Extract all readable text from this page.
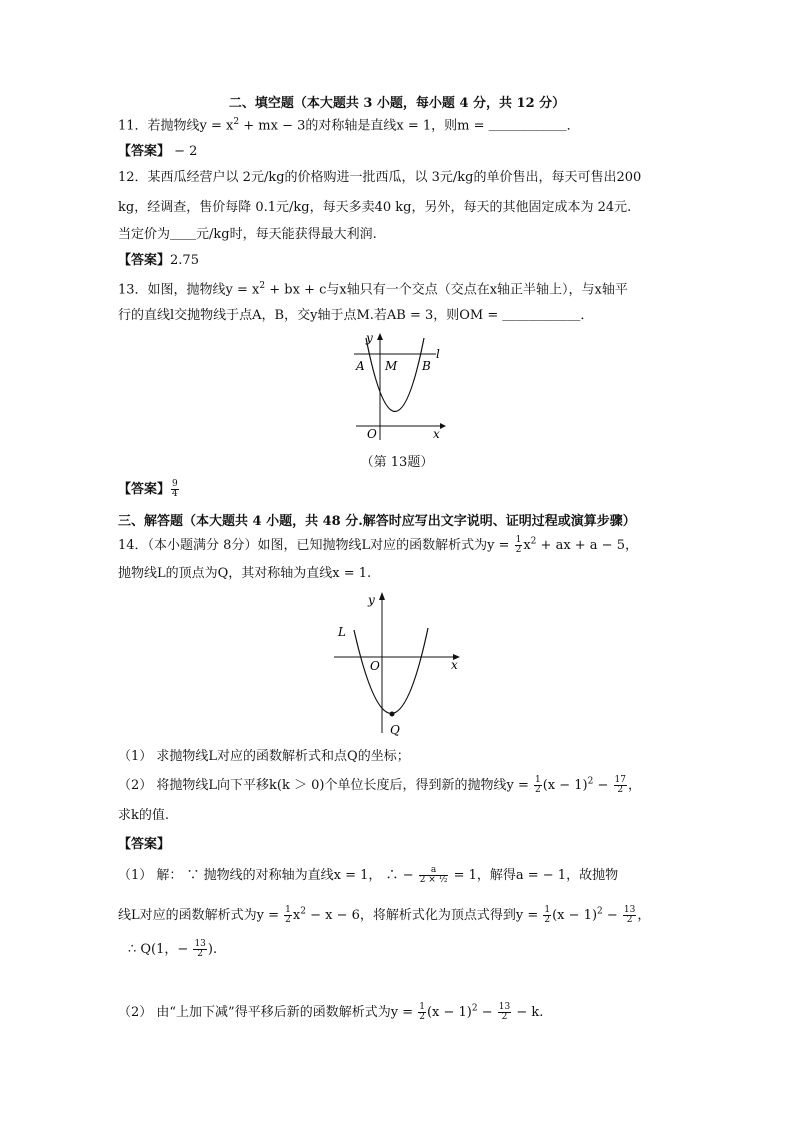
二、填空题（本大题共 3 小题，每小题 4 分，共 12 分）
11．若抛物线$y = x^2$ + mx − 3的对称轴是直线x = 1，则m = ＿＿＿＿＿＿．
【答案】 − 2
12．某西瓜经营户以 2元/kg的价格购进一批西瓜，以 3元/kg的单价售出，每天可售出200
kg，经调查，售价每降 0.1元/kg，每天多卖40 kg，另外，每天的其他固定成本为 24元.
当定价为＿＿元/kg时，每天能获得最大利润.
【答案】2.75
13．如图，抛物线$y = x^2$ + bx + c与x轴只有一个交点（交点在x轴正半轴上），与x轴平
行的直线l交抛物线于点A，B，交y轴于点M.若AB = 3，则OM = ＿＿＿＿＿＿．
y
l
A M B
O	x
（第 13题）
【答案】 $\frac{9}{4}$
三、解答题（本大题共 4 小题，共 48 分.解答时应写出文字说明、证明过程或演算步骤）
14．（本小题满分 8分）如图，已知抛物线L对应的函数解析式为$y = \frac{1}{2} x^2$ + ax + a − 5，
抛物线L的顶点为Q，其对称轴为直线x = 1.
y
L
O	x
Q
（1） 求抛物线L对应的函数解析式和点Q的坐标；
（2） 将抛物线L向下平移k(k ＞ 0)个单位长度后，得到新的抛物线$y = \frac{1}{2} (x - 1)^2 - \frac{17}{2}$ ，
求k的值.
【答案】
（1） 解： ∵ 抛物线的对称轴为直线x = 1， ∴ − $\frac{a}{\text{2 × ½}} = 1$，解得a = − 1，故抛物
线L对应的函数解析式为$y = \frac{1}{2} x^2 - x - 6$，将解析式化为顶点式得到$y = \frac{1}{2} (x - 1)^2 - \frac{13}{2}$ ，
∴ Q(1，− $\frac{13}{2}$ ).
（2） 由“上加下减”得平移后新的函数解析式为$y = \frac{1}{2} (x - 1)^2 - \frac{13}{2} - k$.
